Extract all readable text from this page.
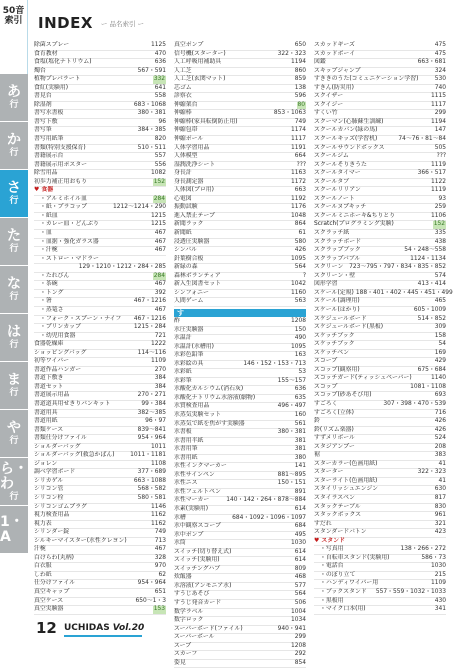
50音索引
あ
行
か
行
さ
行
た
行
な
行
は
行
ま
行
や
行
ら・わ
行
1・A
INDEX ー 品名索引 ー
除菌スプレー	1125
食育教材	470
食塩(塩化ナトリウム)	636
燭台	567・591
植物プレパラート	332
食紅(実験用)	641
書見台	558
除湿剤	683・1068
書写水書板	380・381
書写下敷	96
書写筆	384・385
書写用紙筆	820
書類(特別支援保育)	510・511
書籍展示台	557
書籍展示用ポスター	556
除雪用品	1082
初歩力補正用おもり	152
♥ 食器
・アルミホイル皿	284
・紙・プラコップ	1212〜1214・290
・紙皿	1215
・カレー皿・どんぶり	1215
・皿	467
・皿据・強化ガラス器	467
・汁椀	467
・ストロー・マドラー
129・1210・1212・284・285
・たれびん	284
・茶碗	467
・トング	392
・箸	467・1216
・蒸篭さ	467
・フォーク・スプーン・ナイフ 467・1216
・プリンカップ	1215・284
・幼児用食器	721
食器乾燥庫	1222
ショッピングバッグ	114〜116
初等ワイパー	1109
書道作品ハンガー	270
書道下敷き	384
書道セット	384
書道展示用品	270・271
書道道具用せきりパンキット	99・384
書道用具	382〜385
書道用紙	96・97
書類ケース	839〜841
書類仕分けファイル	954・964
ショルダーバッグ	1011
ショルダーバッグ(救急かばん)	1011・1181
ジョレン	1108
調べ学習ボード	377・689
シリカゲル	663・1088
シリコン管	568・582
シリコン栓	580・581
シリコンゴムプラグ	1146
視力検査用品	1162
視力表	1162
シリンダー錠	749
シルキーマイスター(水性クレヨン)	713
汁椀	467
白けらわ(丸柄)	328
白衣服	970
しわ紙	62
仕分けファイル	954・964
真空キャップ	651
真空ケース	650〜1・3
真空実験器	153
真空ポンプ	650
信号機(スターター)	322・323
人工呼吸用補助具	1194
人工芝	860
人工芝(玄関マット)	859
芯ゴム	138
診察衣	596
伸縮架台	80
伸縮棒	853・1063
伸縮棒(家具転倒防止用)	749
伸縮包帯	1174
伸縮ポール	1117
人体学習用品	1191
人体模型	664
湿潤洗浄シート	???
身長計	1163
身長測定器	1172
人体図(プロ用)	663
心電図	1192
振動試験	1176
進入禁止テープ	1048
新聞ラック	864
新聞紙	61
浸透圧実験器	580
シンバル	426
針葉樹合板	1095
新緑の森	564
森林ボランティア	?
新入生図書セット	1042
シンフォニー	1160
人間ゲーム	563
す
酢	1208
水圧実験器	150
水温計	490
水温計(水槽用)	1095
水彩色鉛筆	163
水彩絵の具	146・152・153・713
水彩紙	53
水彩筆	155〜157
水酸化カルシウム(消石灰)	636
水酸化ナトリウム水溶液(劇物)	635
水質検査用品	496・497
水蒸気実験セット	160
水蒸気で紙を焦がす実験器	561
水書板	380・381
水書用半紙	381
水書用筆	381
水書用紙	380
水性インクマーカー	141
水性サインペン	881〜895
水性ニス	150・151
水性フェルトペン	891
水性マーカー	140・142・264・878〜884
水素(実験用)	614
水槽	684・1092・1096・1097
水中観察スコープ	684
水中ポンプ	495
水筒	1030
スイッチ(切り替え式)	614
スイッチ(実験用)	614
スイッチングハブ	809
炊飯器	468
水溶液(アンモニア水)	577
すうじあそび	564
すうじ発音カード	506
数学ラベル	1004
数字ロック	1034
スーパーボード(ファイル)	940・941
スーパーボール	299
スープ	1208
スカーフ	292
姿見	854
スカッドギーズ	475
スカッドボーイ	475
図鑑	663・681
スキップジャンプ	324
すききのうた(コミュニケーション学習)	530
すきん(防災用)	740
スクイザー	1115
スクイジー	1117
すくい竹	299
スクーマン(心肺蘇生訓練)	1194
スクールカバン(緑の馬)	147
スクールキッズ(学習机)	74〜76・81〜84
スクールサウンドボックス	505
スクールジム	???
スクールそりきうた	1119
スクールタイマー	366・517
スクールタブ	1122
スクールリリアン	1119
スクールノート	93
スクールヌプキッチ	259
スクールミニホーキ&ちりとり	1106
Scratch(プログラミング実験)	152
スクラッチ紙	335
スクラッチボード	438
スクラップブック	54・248〜558
スクラップパブル	1124・1134
スクリーン 723〜795・797・834・835・852
スクリーン・壁	574
図形学習	413・414
スケール(定規) 188・401・402・445・451・499
スケール(調理用)	465
スケール(はかり)	605・1009
スケジュールボード	514・852
スケジュールボード(黒板)	309
スケッチブック	158
スケッチブック	54
スケッチペン	169
スコープ	429
スコップ(観察用)	675・684
スコッチガード(ティッシュペーパー)	1140
スコップ	1081・1108
スコップ(砂あそび用)	693
すごろく	307・398・470・539
すごろく(立体)	716
鈴	426
鈴(リズム楽器)	426
すずメリボール	524
スタジアンプー	208
裾	383
スターカラー(色画用紙)	41
スターター	322・323
スターライト(色画用紙)	41
スタイリッシュエンジン	630
スタイラスペン	817
スタックテーブル	830
スタックボックス	961
すだれ	321
スタンダードバトン	423
♥ スタンド
・写真用	138・266・272
・自転車スタンド(実験用)	586・73
・電話台	1030
・のぼり立て	215
・ハンディワイパー用	1109
・ブックスタンド 557・559・1032・1033
・黒板用	430
・マイク口本(用)	341
12 UCHIDAS Vol.20
